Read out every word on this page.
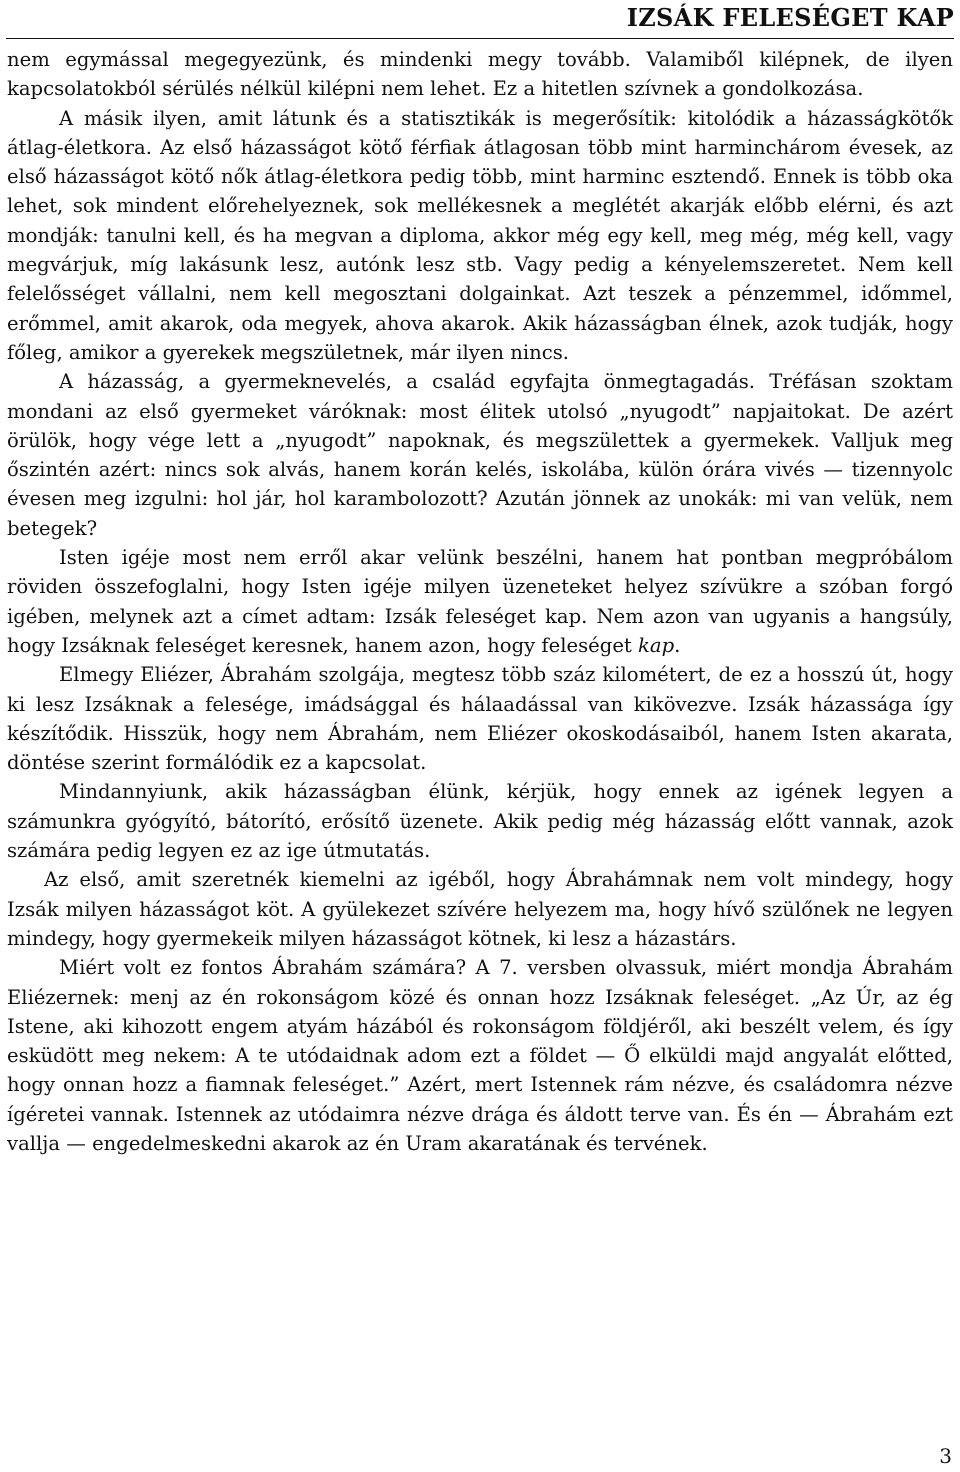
IZSÁK FELESÉGET KAP

nem egymással megegyezünk, és mindenki megy tovább. Valamiből kilépnek, de ilyen kapcsolatokból sérülés nélkül kilépni nem lehet. Ez a hitetlen szívnek a gondolkozása.

A másik ilyen, amit látunk és a statisztikák is megerősítik: kitolódik a házasságkötők átlag-életkora. Az első házasságot kötő férfiak átlagosan több mint harminchárom évesek, az első házasságot kötő nők átlag-életkora pedig több, mint harminc esztendő. Ennek is több oka lehet, sok mindent előrehelyeznek, sok mellékesnek a meglétét akarják előbb elérni, és azt mondják: tanulni kell, és ha megvan a diploma, akkor még egy kell, meg még, még kell, vagy megvárjuk, míg lakásunk lesz, autónk lesz stb. Vagy pedig a kényelemszeretet. Nem kell felelősséget vállalni, nem kell megosztani dolgainkat. Azt teszek a pénzemmel, időmmel, erőmmel, amit akarok, oda megyek, ahova akarok. Akik házasságban élnek, azok tudják, hogy főleg, amikor a gyerekek megszületnek, már ilyen nincs.

A házasság, a gyermeknevelés, a család egyfajta önmegtagadás. Tréfásan szoktam mondani az első gyermeket váróknak: most élitek utolsó „nyugodt” napjaitokat. De azért örülök, hogy vége lett a „nyugodt” napoknak, és megszülettek a gyermekek. Valljuk meg őszintén azért: nincs sok alvás, hanem korán kelés, iskolába, külön órára vivés — tizennyolc évesen meg izgulni: hol jár, hol karambolozott? Azután jönnek az unokák: mi van velük, nem betegek?

Isten igéje most nem erről akar velünk beszélni, hanem hat pontban megpróbálom röviden összefoglalni, hogy Isten igéje milyen üzeneteket helyez szívükre a szóban forgó igében, melynek azt a címet adtam: Izsák feleséget kap. Nem azon van ugyanis a hangsúly, hogy Izsáknak feleséget keresnek, hanem azon, hogy feleséget kap.

Elmegy Eliézer, Ábrahám szolgája, megtesz több száz kilométert, de ez a hosszú út, hogy ki lesz Izsáknak a felesége, imádsággal és hálaadással van kikövezve. Izsák házassága így készítődik. Hisszük, hogy nem Ábrahám, nem Eliézer okoskodásaiból, hanem Isten akarata, döntése szerint formálódik ez a kapcsolat.

Mindannyiunk, akik házasságban élünk, kérjük, hogy ennek az igének legyen a számunkra gyógyító, bátorító, erősítő üzenete. Akik pedig még házasság előtt vannak, azok számára pedig legyen ez az ige útmutatás.

Az első, amit szeretnék kiemelni az igéből, hogy Ábrahámnak nem volt mindegy, hogy Izsák milyen házasságot köt. A gyülekezet szívére helyezem ma, hogy hívő szülőnek ne legyen mindegy, hogy gyermekeik milyen házasságot kötnek, ki lesz a házastárs.

Miért volt ez fontos Ábrahám számára? A 7. versben olvassuk, miért mondja Ábrahám Eliézernek: menj az én rokonságom közé és onnan hozz Izsáknak feleséget. „Az Úr, az ég Istene, aki kihozott engem atyám házából és rokonságom földjéről, aki beszélt velem, és így esküdött meg nekem: A te utódaidnak adom ezt a földet — Ő elküldi majd angyalát előtted, hogy onnan hozz a fiamnak feleséget.” Azért, mert Istennek rám nézve, és családomra nézve ígéretei vannak. Istennek az utódaimra nézve drága és áldott terve van. És én — Ábrahám ezt vallja — engedelmeskedni akarok az én Uram akaratának és tervének.

3
